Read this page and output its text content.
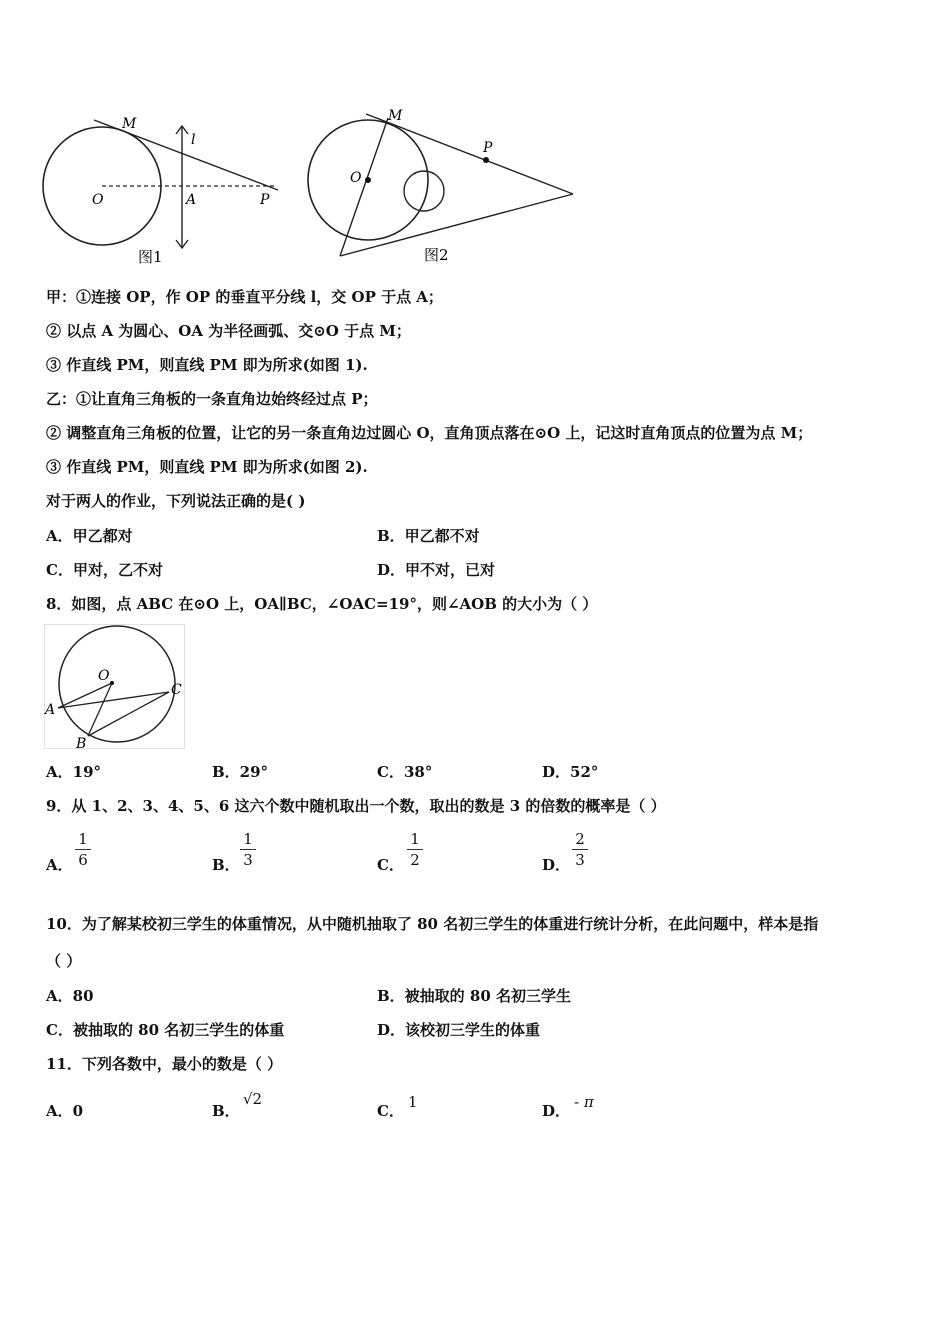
M
l
O	A	P
图1
M
P
O
图2
甲：①连接 OP，作 OP 的垂直平分线 l，交 OP 于点 A；
② 以点 A 为圆心、OA 为半径画弧、交⊙O 于点 M；
③ 作直线 PM，则直线 PM 即为所求(如图 1).
乙：①让直角三角板的一条直角边始终经过点 P；
② 调整直角三角板的位置，让它的另一条直角边过圆心 O，直角顶点落在⊙O 上，记这时直角顶点的位置为点 M；
③ 作直线 PM，则直线 PM 即为所求(如图 2).
对于两人的作业，下列说法正确的是( )
A．甲乙都对	B．甲乙都不对
C．甲对，乙不对	D．甲不对，已对
8．如图，点 ABC 在⊙O 上，OA∥BC，∠OAC=19°，则∠AOB 的大小为（ ）
O
A
B
C
A．19°	B．29°	C．38°	D．52°
9．从 1、2、3、4、5、6 这六个数中随机取出一个数，取出的数是 3 的倍数的概率是（ ）
A．
1
6	B．
1
3	C．
1
2	D．
2
3
10．为了解某校初三学生的体重情况，从中随机抽取了 80 名初三学生的体重进行统计分析，在此问题中，样本是指
（ ）
A．80	B．被抽取的 80 名初三学生
C．被抽取的 80 名初三学生的体重	D．该校初三学生的体重
11．下列各数中，最小的数是（ ）
A．0	B．
√2
C． 1	D． - π
